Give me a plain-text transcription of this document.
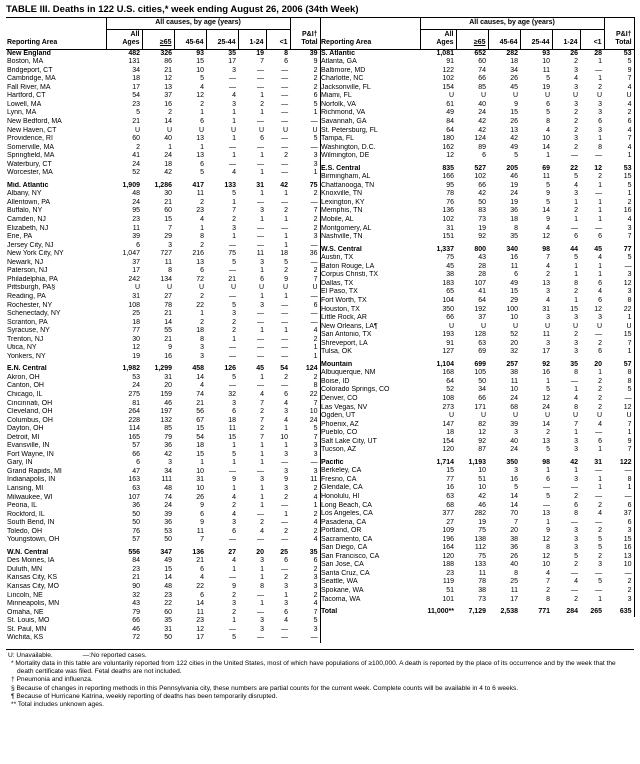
TABLE III. Deaths in 122 U.S. cities,* week ending August 26, 2006 (34th Week)
	All causes, by age (years)						
Reporting Area	All
Ages	≥65	45-64	25-44	1-24	<1	P&I†
Total
New England	482	326	93	35	19	8	39
Boston, MA	131	86	15	17	7	6	9
Bridgeport, CT	34	21	10	3	—	—	2
Cambridge, MA	18	12	5	—	—	—	2
Fall River, MA	17	13	4	—	—	—	2
Hartford, CT	54	37	12	4	1	—	6
Lowell, MA	23	16	2	3	2	—	5
Lynn, MA	5	2	1	1	1	—	1
New Bedford, MA	21	14	6	1	—	—	—
New Haven, CT	U	U	U	U	U	U	U
Providence, RI	60	40	13	1	6	—	5
Somerville, MA	2	1	1	—	—	—	—
Springfield, MA	41	24	13	1	1	2	3
Waterbury, CT	24	18	6	—	—	—	3
Worcester, MA	52	42	5	4	1	—	1

Mid. Atlantic	1,909	1,286	417	133	31	42	75
Albany, NY	48	30	11	5	1	1	2
Allentown, PA	24	21	2	1	—	—	—
Buffalo, NY	95	60	23	7	3	2	7
Camden, NJ	23	15	4	2	1	1	2
Elizabeth, NJ	11	7	1	3	—	—	2
Erie, PA	39	29	8	1	—	1	3
Jersey City, NJ	6	3	2	—	—	1	—
New York City, NY	1,047	727	216	75	11	18	36
Newark, NJ	37	11	13	5	3	5	—
Paterson, NJ	17	8	6	—	1	2	2
Philadelphia, PA	242	134	72	21	6	9	7
Pittsburgh, PA§	U	U	U	U	U	U	U
Reading, PA	31	27	2	—	1	1	—
Rochester, NY	108	78	22	5	3	—	6
Schenectady, NY	25	21	1	3	—	—	—
Scranton, PA	18	14	2	2	—	—	—
Syracuse, NY	77	55	18	2	1	1	4
Trenton, NJ	30	21	8	1	—	—	2
Utica, NY	12	9	3	—	—	—	1
Yonkers, NY	19	16	3	—	—	—	1

E.N. Central	1,982	1,299	458	126	45	54	124
Akron, OH	53	31	14	5	1	2	2
Canton, OH	24	20	4	—	—	—	8
Chicago, IL	275	159	74	32	4	6	22
Cincinnati, OH	81	46	21	3	7	4	7
Cleveland, OH	264	197	56	6	2	3	10
Columbus, OH	228	132	67	18	7	4	24
Dayton, OH	114	85	15	11	2	1	5
Detroit, MI	165	79	54	15	7	10	7
Evansville, IN	57	36	18	1	1	1	3
Fort Wayne, IN	66	42	15	5	1	3	3
Gary, IN	6	3	1	1	1	—	—
Grand Rapids, MI	47	34	10	—	—	3	3
Indianapolis, IN	163	111	31	9	3	9	11
Lansing, MI	63	48	10	1	1	3	2
Milwaukee, WI	107	74	26	4	1	2	4
Peoria, IL	36	24	9	2	1	—	1
Rockford, IL	50	39	6	4	—	1	2
South Bend, IN	50	36	9	3	2	—	4
Toledo, OH	76	53	11	6	4	2	2
Youngstown, OH	57	50	7	—	—	—	4

W.N. Central	556	347	136	27	20	25	35
Des Moines, IA	84	49	21	4	3	6	6
Duluth, MN	23	15	6	1	1	—	2
Kansas City, KS	21	14	4	—	1	2	3
Kansas City, MO	90	48	22	9	8	3	3
Lincoln, NE	32	23	6	2	—	1	2
Minneapolis, MN	43	22	14	3	1	3	4
Omaha, NE	79	60	11	2	—	6	7
St. Louis, MO	66	35	23	1	3	4	5
St. Paul, MN	46	31	12	—	3	—	3
Wichita, KS	72	50	17	5	—	—	—
	All causes, by age (years)						
Reporting Area	All
Ages	≥65	45-64	25-44	1-24	<1	P&I†
Total
S. Atlantic	1,081	652	282	93	26	28	53
Atlanta, GA	91	60	18	10	2	1	5
Baltimore, MD	122	74	34	11	3	—	9
Charlotte, NC	102	66	26	5	4	1	7
Jacksonville, FL	154	85	45	19	3	2	4
Miami, FL	U	U	U	U	U	U	U
Norfolk, VA	61	40	9	6	3	3	4
Richmond, VA	49	24	15	5	2	3	2
Savannah, GA	84	42	26	8	2	6	6
St. Petersburg, FL	64	42	13	4	2	3	4
Tampa, FL	180	124	42	10	3	1	7
Washington, D.C.	162	89	49	14	2	8	4
Wilmington, DE	12	6	5	1	—	—	1

E.S. Central	835	527	205	69	22	12	53
Birmingham, AL	166	102	46	11	5	2	15
Chattanooga, TN	95	66	19	5	4	1	5
Knoxville, TN	78	42	24	9	3	—	1
Lexington, KY	76	50	19	5	1	1	2
Memphis, TN	136	83	36	14	2	1	16
Mobile, AL	102	73	18	9	1	1	4
Montgomery, AL	31	19	8	4	—	—	3
Nashville, TN	151	92	35	12	6	6	7

W.S. Central	1,337	800	340	98	44	45	77
Austin, TX	75	43	16	7	5	4	5
Baton Rouge, LA	45	28	11	4	1	1	—
Corpus Christi, TX	38	28	6	2	1	1	3
Dallas, TX	183	107	49	13	8	6	12
El Paso, TX	65	41	15	3	2	4	3
Fort Worth, TX	104	64	29	4	1	6	8
Houston, TX	350	192	100	31	15	12	22
Little Rock, AR	66	37	10	3	3	3	1
New Orleans, LA¶	U	U	U	U	U	U	U
San Antonio, TX	193	128	52	11	2	—	15
Shreveport, LA	91	63	20	3	3	2	7
Tulsa, OK	127	69	32	17	3	6	1

Mountain	1,104	699	257	92	35	20	57
Albuquerque, NM	168	105	38	16	8	1	8
Boise, ID	64	50	11	1	—	2	8
Colorado Springs, CO	52	34	10	5	1	2	5
Denver, CO	108	66	24	12	4	2	—
Las Vegas, NV	273	171	68	24	8	2	12
Ogden, UT	U	U	U	U	U	U	U
Phoenix, AZ	147	82	39	14	7	4	7
Pueblo, CO	18	12	3	2	1	—	1
Salt Lake City, UT	154	92	40	13	3	6	9
Tucson, AZ	120	87	24	5	3	1	7

Pacific	1,714	1,193	350	98	42	31	122
Berkeley, CA	15	10	3	1	1	—	—
Fresno, CA	77	51	16	6	3	1	8
Glendale, CA	16	10	5	—	—	1	1
Honolulu, HI	63	42	14	5	2	—	—
Long Beach, CA	68	46	14	—	6	2	6
Los Angeles, CA	377	282	70	13	8	4	37
Pasadena, CA	27	19	7	1	—	—	6
Portland, OR	109	75	20	9	3	2	3
Sacramento, CA	196	138	38	12	3	5	15
San Diego, CA	164	112	36	8	3	5	16
San Francisco, CA	120	75	26	12	5	2	13
San Jose, CA	188	133	40	10	2	3	10
Santa Cruz, CA	23	11	8	4	—	—	—
Seattle, WA	119	78	25	7	4	5	2
Spokane, WA	51	38	11	2	—	—	2
Tacoma, WA	101	73	17	8	2	1	3

Total	11,000**	7,129	2,538	771	284	265	635
U: Unavailable.	—:No reported cases.
* Mortality data in this table are voluntarily reported from 122 cities in the United States, most of which have populations of ≥100,000. A death is reported by the place of its occurrence and by the week that the death certificate was filed. Fetal deaths are not included.
† Pneumonia and influenza.
§ Because of changes in reporting methods in this Pennsylvania city, these numbers are partial counts for the current week. Complete counts will be available in 4 to 6 weeks.
¶ Because of Hurricane Katrina, weekly reporting of deaths has been temporarily disrupted.
** Total includes unknown ages.
